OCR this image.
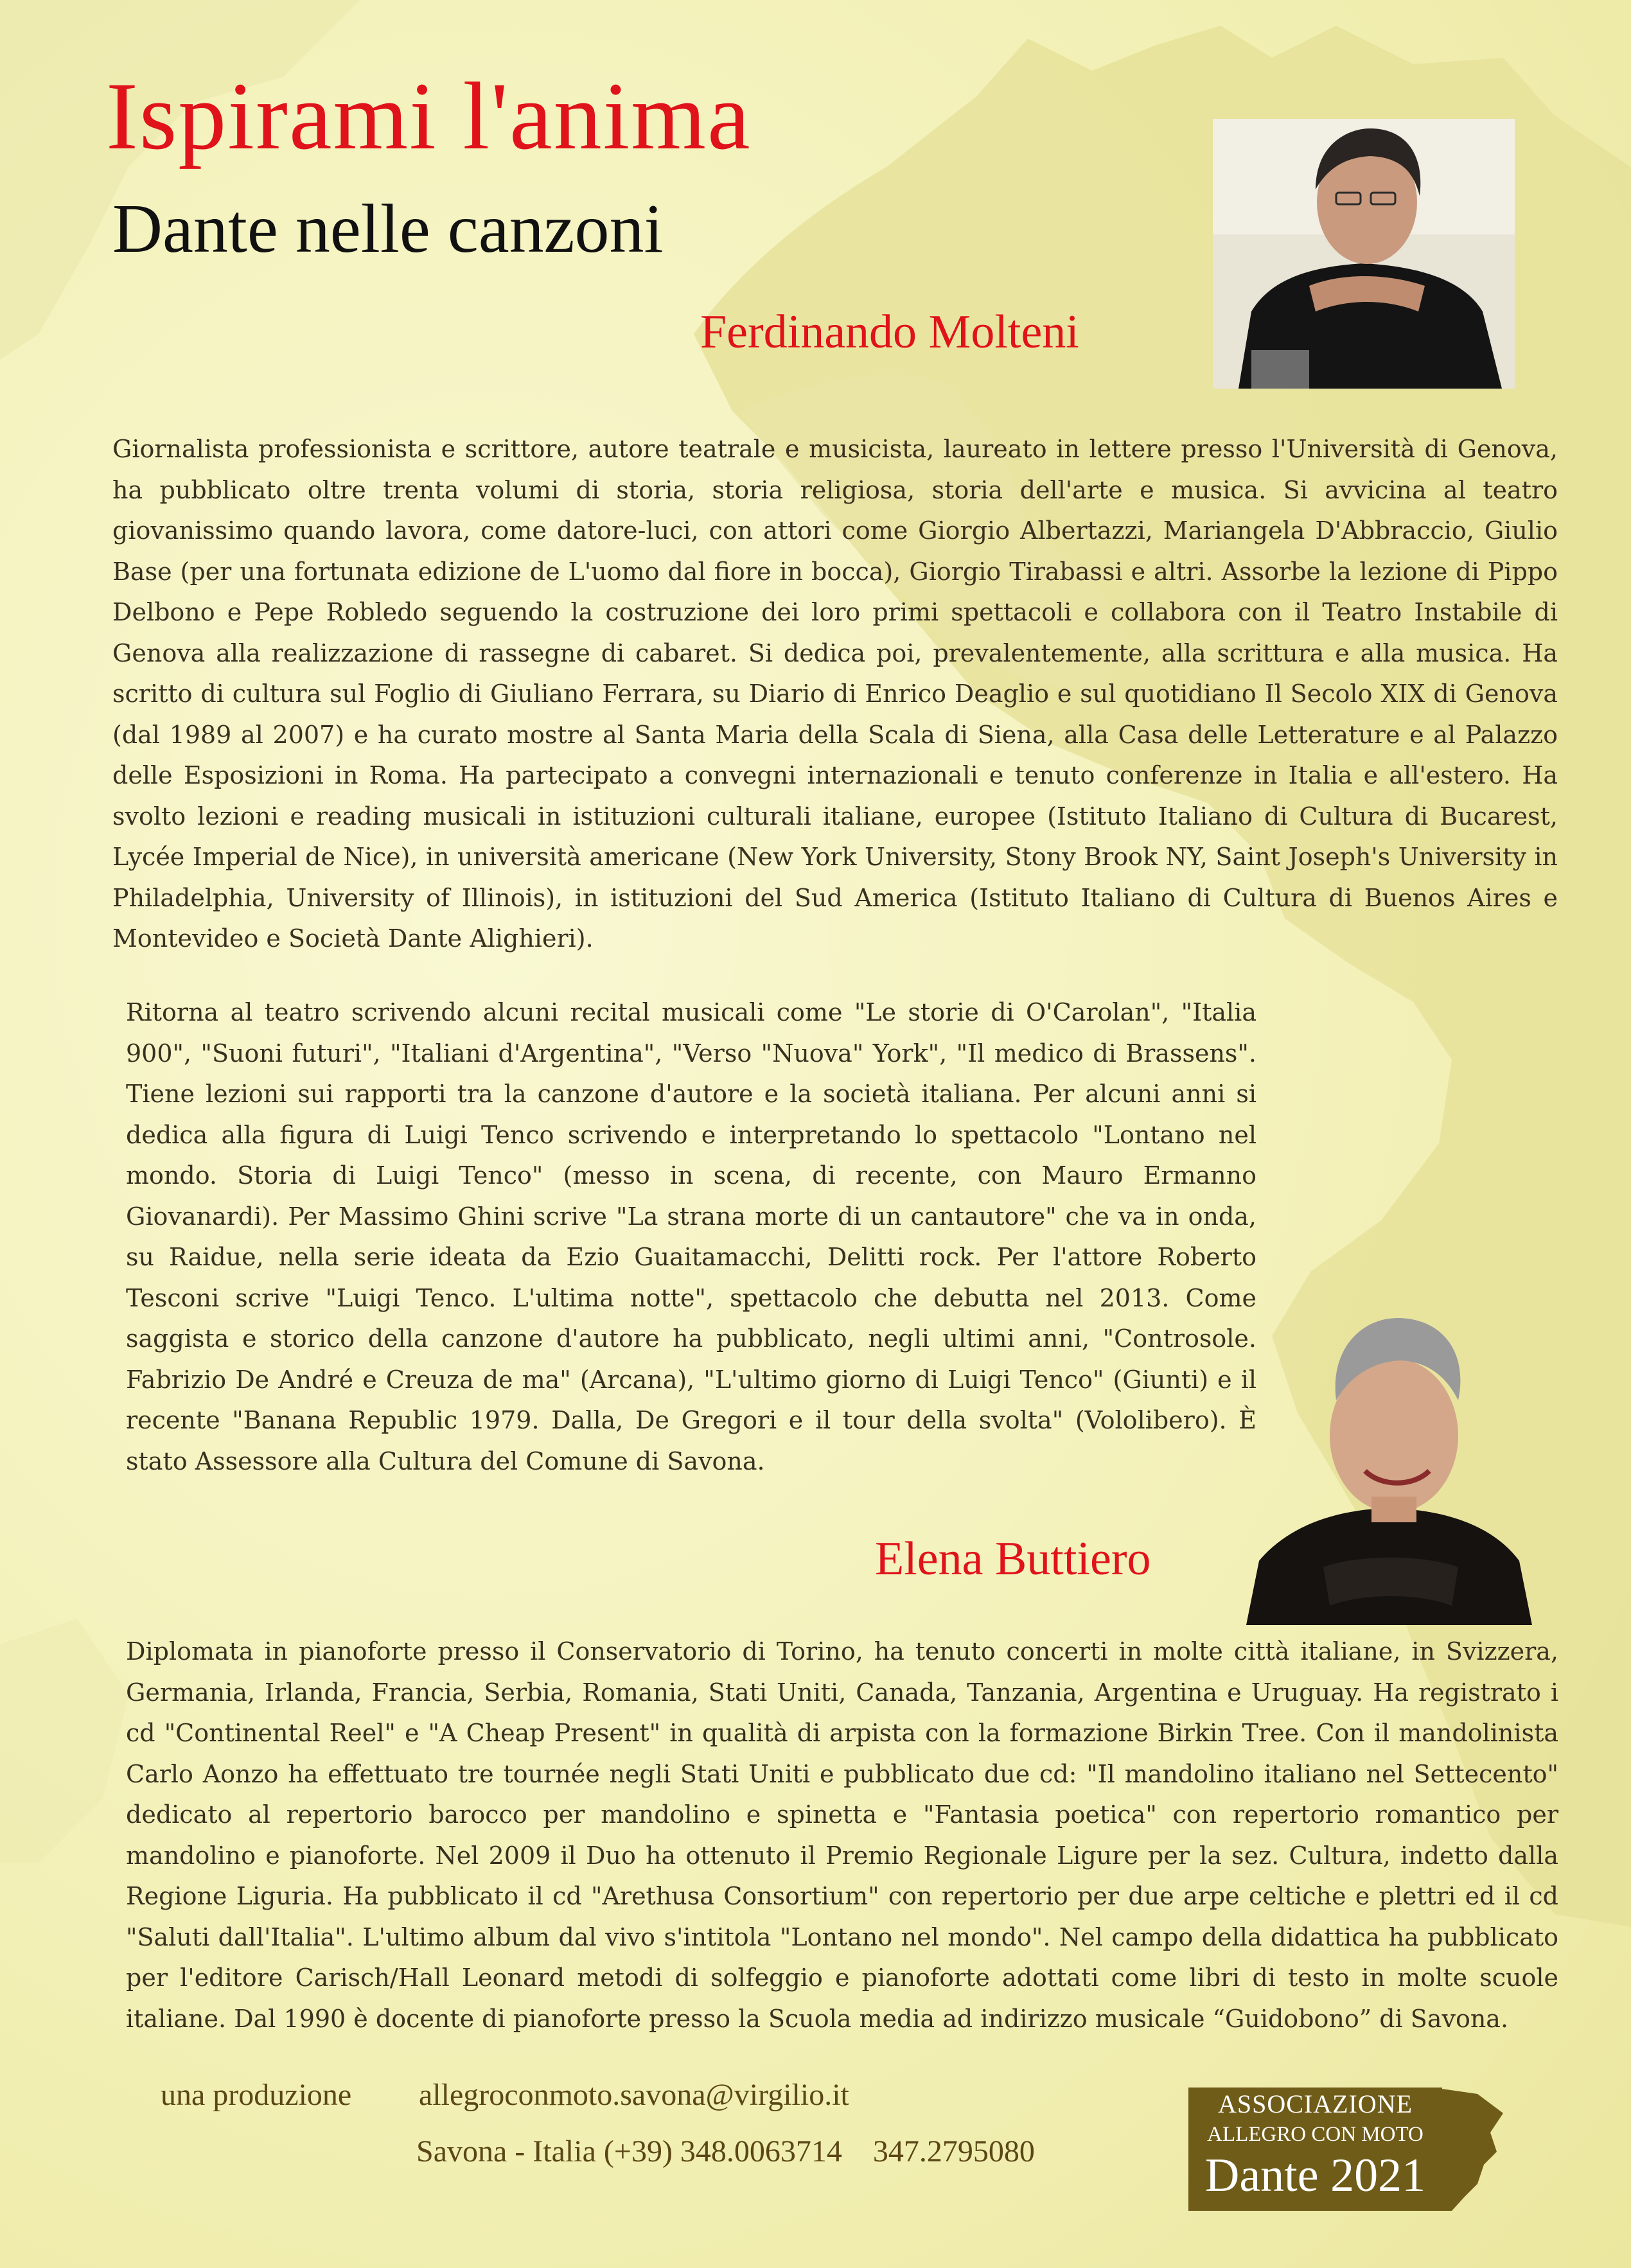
Ispirami l'anima
Dante nelle canzoni
Ferdinando Molteni

Giornalista professionista e scrittore, autore teatrale e musicista, laureato in lettere presso l'Università di Genova, ha pubblicato oltre trenta volumi di storia, storia religiosa, storia dell'arte e musica. Si avvicina al teatro giovanissimo quando lavora, come datore-luci, con attori come Giorgio Albertazzi, Mariangela D'Abbraccio, Giulio Base (per una fortunata edizione de L'uomo dal fiore in bocca), Giorgio Tirabassi e altri. Assorbe la lezione di Pippo Delbono e Pepe Robledo seguendo la costruzione dei loro primi spettacoli e collabora con il Teatro Instabile di Genova alla realizzazione di rassegne di cabaret. Si dedica poi, prevalentemente, alla scrittura e alla musica. Ha scritto di cultura sul Foglio di Giuliano Ferrara, su Diario di Enrico Deaglio e sul quotidiano Il Secolo XIX di Genova (dal 1989 al 2007) e ha curato mostre al Santa Maria della Scala di Siena, alla Casa delle Letterature e al Palazzo delle Esposizioni in Roma. Ha partecipato a convegni internazionali e tenuto conferenze in Italia e all'estero. Ha svolto lezioni e reading musicali in istituzioni culturali italiane, europee (Istituto Italiano di Cultura di Bucarest, Lycée Imperial de Nice), in università americane (New York University, Stony Brook NY, Saint Joseph's University in Philadelphia, University of Illinois), in istituzioni del Sud America (Istituto Italiano di Cultura di Buenos Aires e Montevideo e Società Dante Alighieri).

Ritorna al teatro scrivendo alcuni recital musicali come "Le storie di O'Carolan", "Italia 900", "Suoni futuri", "Italiani d'Argentina", "Verso "Nuova" York", "Il medico di Brassens". Tiene lezioni sui rapporti tra la canzone d'autore e la società italiana. Per alcuni anni si dedica alla figura di Luigi Tenco scrivendo e interpretando lo spettacolo "Lontano nel mondo. Storia di Luigi Tenco" (messo in scena, di recente, con Mauro Ermanno Giovanardi). Per Massimo Ghini scrive "La strana morte di un cantautore" che va in onda, su Raidue, nella serie ideata da Ezio Guaitamacchi, Delitti rock. Per l'attore Roberto Tesconi scrive "Luigi Tenco. L'ultima notte", spettacolo che debutta nel 2013. Come saggista e storico della canzone d'autore ha pubblicato, negli ultimi anni, "Controsole. Fabrizio De André e Creuza de ma" (Arcana), "L'ultimo giorno di Luigi Tenco" (Giunti) e il recente "Banana Republic 1979. Dalla, De Gregori e il tour della svolta" (Vololibero). È stato Assessore alla Cultura del Comune di Savona.

Elena Buttiero

Diplomata in pianoforte presso il Conservatorio di Torino, ha tenuto concerti in molte città italiane, in Svizzera, Germania, Irlanda, Francia, Serbia, Romania, Stati Uniti, Canada, Tanzania, Argentina e Uruguay. Ha registrato i cd "Continental Reel" e "A Cheap Present" in qualità di arpista con la formazione Birkin Tree. Con il mandolinista Carlo Aonzo ha effettuato tre tournée negli Stati Uniti e pubblicato due cd: "Il mandolino italiano nel Settecento" dedicato al repertorio barocco per mandolino e spinetta e "Fantasia poetica" con repertorio romantico per mandolino e pianoforte. Nel 2009 il Duo ha ottenuto il Premio Regionale Ligure per la sez. Cultura, indetto dalla Regione Liguria. Ha pubblicato il cd "Arethusa Consortium" con repertorio per due arpe celtiche e plettri ed il cd "Saluti dall'Italia". L'ultimo album dal vivo s'intitola "Lontano nel mondo". Nel campo della didattica ha pubblicato per l'editore Carisch/Hall Leonard metodi di solfeggio e pianoforte adottati come libri di testo in molte scuole italiane. Dal 1990 è docente di pianoforte presso la Scuola media ad indirizzo musicale “Guidobono” di Savona.

una produzione allegroconmoto.savona@virgilio.it
Savona - Italia (+39) 348.0063714    347.2795080
ASSOCIAZIONE
ALLEGRO CON MOTO
Dante 2021
